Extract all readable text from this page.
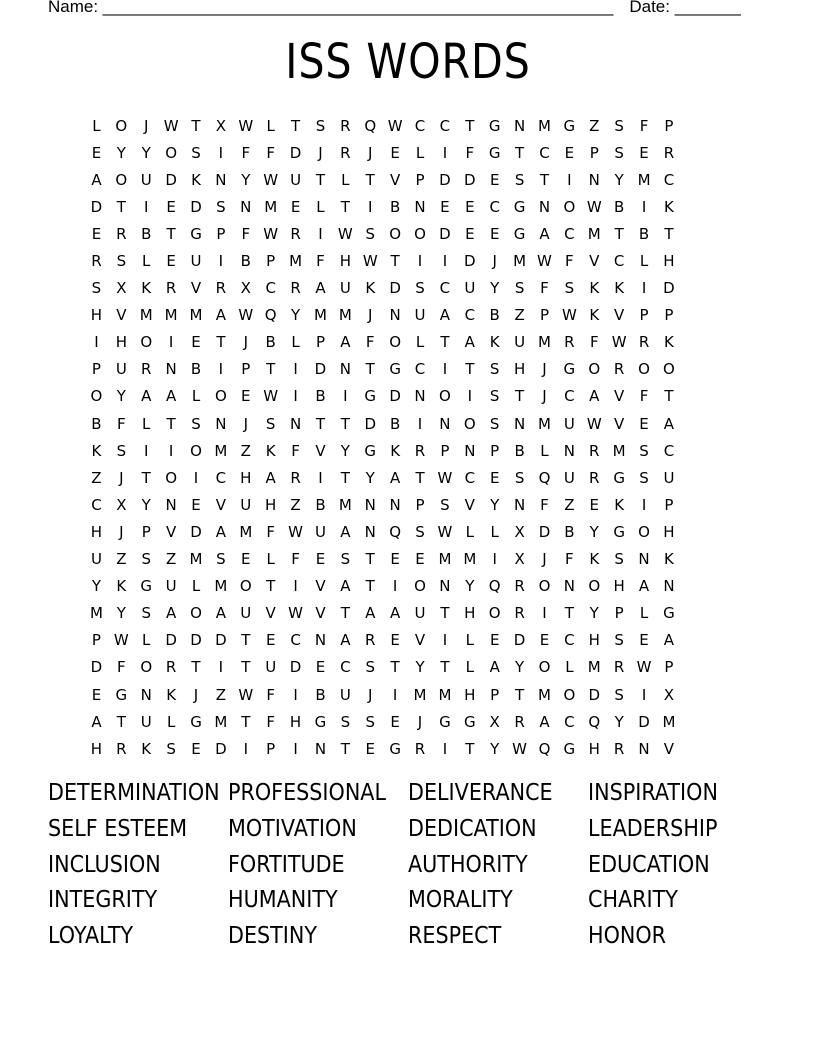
Name: ______________________________________________________ Date: _______
ISS WORDS
L O	J	W T	X W L	T	S R Q W C C	T G N M G Z S	F	P
E	Y	Y O S	I	F	F D	J	R	J	E	L	I	F G T	C E	P	S	E R
A O U D K N Y W U T	L	T	V	P D D E	S	T	I	N Y M C
D T	I	E D S N M E	L	T	I	B N E	E C G N O W B	I	K
E R B	T G P	F W R	I	W S O O D E	E G A C M T	B	T
R S	L	E U	I	B	P M F H W T	I	I	D	J	M W F	V C	L	H
S X K R V R X C R A U K D S C U Y	S	F	S	K	K	I	D
H V M M M A W Q Y M M	J	N U A C B Z	P W K V	P	P
I	H O	I	E	T	J	B	L	P	A	F O L	T	A K U M R	F W R K
P U R N B	I	P	T	I	D N T G C	I	T	S H	J	G O R O O
O Y	A A	L O E W	I	B	I	G D N O	I	S	T	J	C A V	F	T
B	F	L	T	S N	J	S N T	T D B	I	N O S N M U W V	E	A
K	S	I	I	O M Z K	F	V	Y G K R	P N P	B	L	N R M S C
Z	J	T O	I	C H A R	I	T	Y	A	T W C E	S Q U R G S U
C X	Y N E	V U H Z B M N N P	S	V	Y N F	Z	E	K	I	P
H	J	P	V D A M F W U A N Q S W L	L	X D B	Y G O H
U Z S Z M S	E	L	F	E	S	T	E	E M M	I	X	J	F	K	S N K
Y	K G U	L M O T	I	V A	T	I	O N Y Q R O N O H A N
M Y	S	A O A U V W V	T	A A U T H O R	I	T	Y	P	L G
P W L D D D T	E C N A R E	V	I	L	E D E C H S	E	A
D F O R	T	I	T U D E C S	T	Y	T	L	A	Y O L M R W P
E G N K	J	Z W F	I	B U	J	I	M M H P	T M O D S	I	X
A	T U	L G M T	F H G S	S	E	J	G G X R A C Q Y D M
H R K	S	E D	I	P	I	N T	E G R	I	T	Y W Q G H R N V
DETERMINATION PROFESSIONAL DELIVERANCE	INSPIRATION
SELF ESTEEM	MOTIVATION	DEDICATION	LEADERSHIP
INCLUSION	FORTITUDE	AUTHORITY	EDUCATION
INTEGRITY	HUMANITY	MORALITY	CHARITY
LOYALTY	DESTINY	RESPECT	HONOR
